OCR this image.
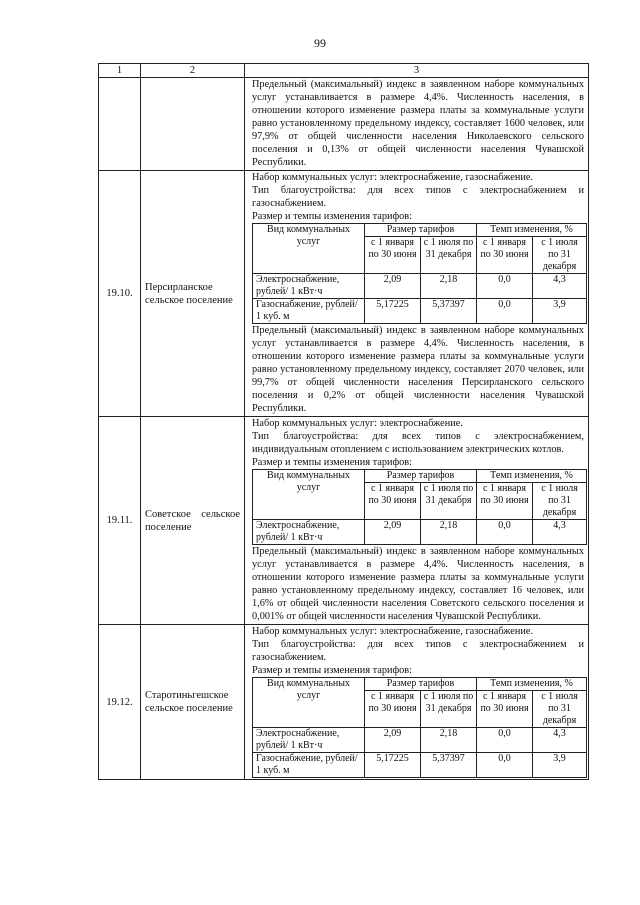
99
1	2	3

Предельный (максимальный) индекс в заявленном наборе коммунальных услуг устанавливается в размере 4,4%. Численность населения, в отношении которого изменение размера платы за коммунальные услуги равно установленному предельному индексу, составляет 1600 человек, или 97,9% от общей численности населения Николаевского сельского поселения и 0,13% от общей численности населения Чувашской Республики.

19.10.	Персирланское сельское поселение	

Набор коммунальных услуг: электроснабжение, газоснабжение.

Тип благоустройства: для всех типов с электроснабжением и газоснабжением.

Размер и темпы изменения тарифов:

Вид коммунальных услуг	Размер тарифов	Темп изменения, %
с 1 января по 30 июня	с 1 июля по 31 декабря	с 1 января по 30 июня	с 1 июля по 31 декабря
Электроснабжение, рублей/ 1 кВт·ч	2,09	2,18	0,0	4,3
Газоснабжение, рублей/ 1 куб. м	5,17225	5,37397	0,0	3,9

Предельный (максимальный) индекс в заявленном наборе коммунальных услуг устанавливается в размере 4,4%. Численность населения, в отношении которого изменение размера платы за коммунальные услуги равно установленному предельному индексу, составляет 2070 человек, или 99,7% от общей численности населения Персирланского сельского поселения и 0,2% от общей численности населения Чувашской Республики.

19.11.	Советское сельское поселение	

Набор коммунальных услуг: электроснабжение.

Тип благоустройства: для всех типов с электроснабжением, индивидуальным отоплением с использованием электрических котлов.

Размер и темпы изменения тарифов:

Вид коммунальных услуг	Размер тарифов	Темп изменения, %
с 1 января по 30 июня	с 1 июля по 31 декабря	с 1 января по 30 июня	с 1 июля по 31 декабря
Электроснабжение, рублей/ 1 кВт·ч	2,09	2,18	0,0	4,3

Предельный (максимальный) индекс в заявленном наборе коммунальных услуг устанавливается в размере 4,4%. Численность населения, в отношении которого изменение размера платы за коммунальные услуги равно установленному предельному индексу, составляет 16 человек, или 1,6% от общей численности населения Советского сельского поселения и 0,001% от общей численности населения Чувашской Республики.

19.12.	Старотиньгешское сельское поселение	

Набор коммунальных услуг: электроснабжение, газоснабжение.

Тип благоустройства: для всех типов с электроснабжением и газоснабжением.

Размер и темпы изменения тарифов:

Вид коммунальных услуг	Размер тарифов	Темп изменения, %
с 1 января по 30 июня	с 1 июля по 31 декабря	с 1 января по 30 июня	с 1 июля по 31 декабря
Электроснабжение, рублей/ 1 кВт·ч	2,09	2,18	0,0	4,3
Газоснабжение, рублей/ 1 куб. м	5,17225	5,37397	0,0	3,9
